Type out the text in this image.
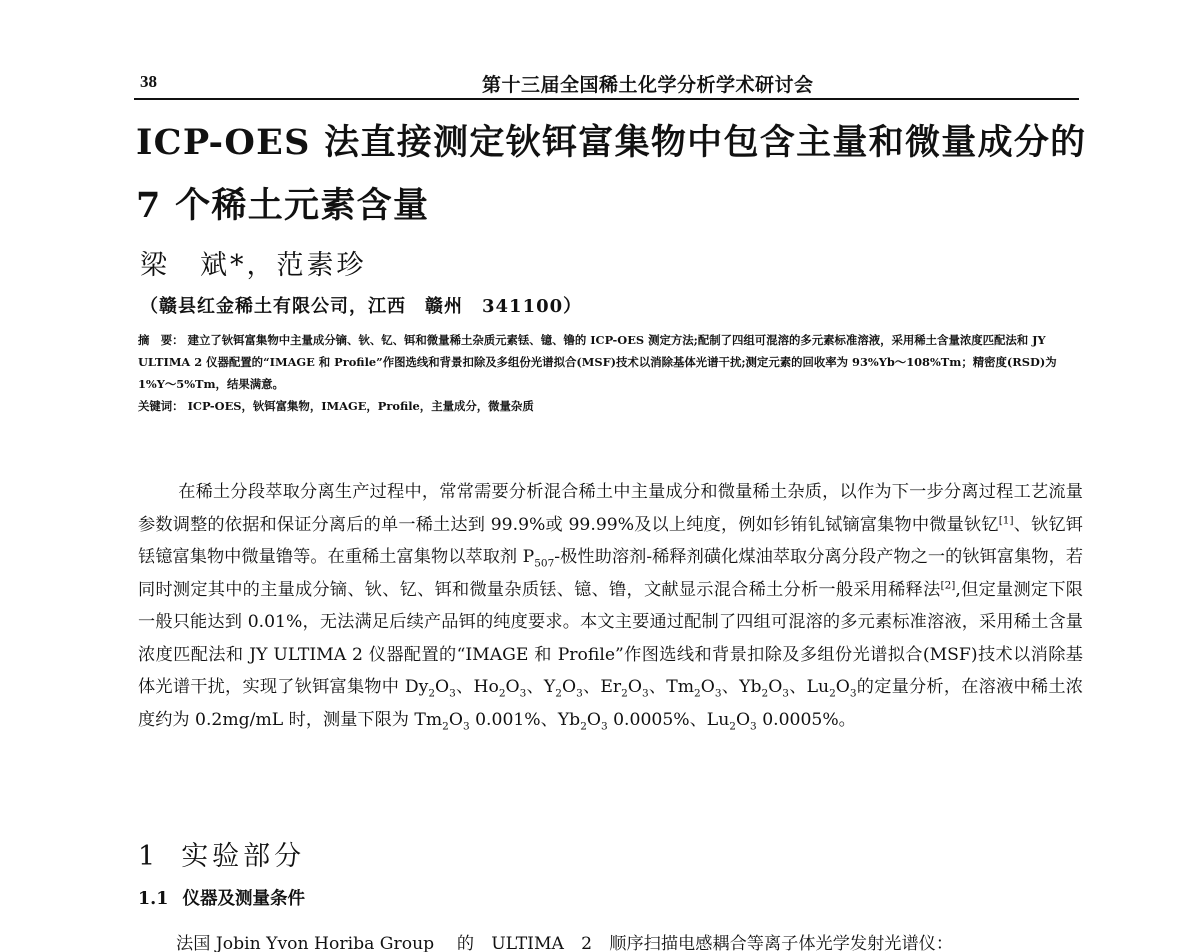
38	第十三届全国稀土化学分析学术研讨会
ICP-OES 法直接测定钬铒富集物中包含主量和微量成分的
7 个稀土元素含量
梁　斌*，范素珍
（赣县红金稀土有限公司，江西　赣州　341100）
摘　要： 建立了钬铒富集物中主量成分镝、钬、钇、铒和微量稀土杂质元素铥、镱、镥的 ICP-OES 测定方法;配制了四组可混溶的多元素标准溶液，采用稀土含量浓度匹配法和 JY ULTIMA 2 仪器配置的“IMAGE 和 Profile”作图选线和背景扣除及多组份光谱拟合(MSF)技术以消除基体光谱干扰;测定元素的回收率为 93%Yb～108%Tm；精密度(RSD)为 1%Y～5%Tm，结果满意。
关键词： ICP-OES，钬铒富集物，IMAGE，Profile，主量成分，微量杂质
在稀土分段萃取分离生产过程中，常常需要分析混合稀土中主量成分和微量稀土杂质，以作为下一步分离过程工艺流量参数调整的依据和保证分离后的单一稀土达到 99.9%或 99.99%及以上纯度，例如钐铕钆铽镝富集物中微量钬钇[1]、钬钇铒铥镱富集物中微量镥等。在重稀土富集物以萃取剂 $P_{507}-$极性助溶剂-稀释剂磺化煤油萃取分离分段产物之一的钬铒富集物，若同时测定其中的主量成分镝、钬、钇、铒和微量杂质铥、镱、镥，文献显示混合稀土分析一般采用稀释法[2],但定量测定下限一般只能达到 0.01%，无法满足后续产品铒的纯度要求。本文主要通过配制了四组可混溶的多元素标准溶液，采用稀土含量浓度匹配法和 JY ULTIMA 2 仪器配置的“IMAGE 和 Profile”作图选线和背景扣除及多组份光谱拟合(MSF)技术以消除基体光谱干扰，实现了钬铒富集物中 $Dy_2O_3$、$Ho_2O_3$、$Y_2O_3$、$Er_2O_3$、$Tm_2O_3$、$Yb_2O_3$、$Lu_2O_3$的定量分析，在溶液中稀土浓度约为 0.2mg/mL 时，测量下限为 $Tm_2O_3$ 0.001%、$Yb_2O_3$ 0.0005%、$Lu_2O_3$ 0.0005%。
1 实验部分
1.1 仪器及测量条件
法国 Jobin Yvon Horiba Group　 的　ULTIMA　2　顺序扫描电感耦合等离子体光学发射光谱仪：
